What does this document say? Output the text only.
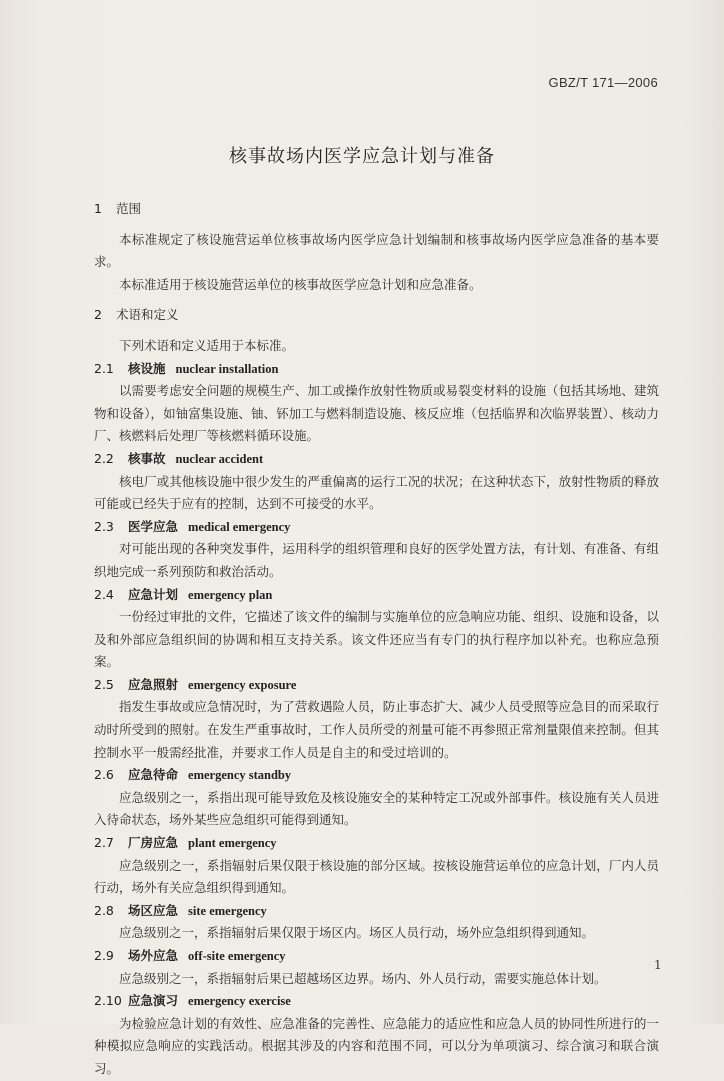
GBZ/T 171—2006
核事故场内医学应急计划与准备

1 范围

本标准规定了核设施营运单位核事故场内医学应急计划编制和核事故场内医学应急准备的基本要求。

本标准适用于核设施营运单位的核事故医学应急计划和应急准备。

2 术语和定义

下列术语和定义适用于本标准。

2.1 核设施 nuclear installation

以需要考虑安全问题的规模生产、加工或操作放射性物质或易裂变材料的设施（包括其场地、建筑物和设备），如铀富集设施、铀、钚加工与燃料制造设施、核反应堆（包括临界和次临界装置）、核动力厂、核燃料后处理厂等核燃料循环设施。

2.2 核事故 nuclear accident

核电厂或其他核设施中很少发生的严重偏离的运行工况的状况；在这种状态下，放射性物质的释放可能或已经失于应有的控制，达到不可接受的水平。

2.3 医学应急 medical emergency

对可能出现的各种突发事件，运用科学的组织管理和良好的医学处置方法，有计划、有准备、有组织地完成一系列预防和救治活动。

2.4 应急计划 emergency plan

一份经过审批的文件，它描述了该文件的编制与实施单位的应急响应功能、组织、设施和设备，以及和外部应急组织间的协调和相互支持关系。该文件还应当有专门的执行程序加以补充。也称应急预案。

2.5 应急照射 emergency exposure

指发生事故或应急情况时，为了营救遇险人员，防止事态扩大、减少人员受照等应急目的而采取行动时所受到的照射。在发生严重事故时，工作人员所受的剂量可能不再参照正常剂量限值来控制。但其控制水平一般需经批准，并要求工作人员是自主的和受过培训的。

2.6 应急待命 emergency standby

应急级别之一，系指出现可能导致危及核设施安全的某种特定工况或外部事件。核设施有关人员进入待命状态，场外某些应急组织可能得到通知。

2.7 厂房应急 plant emergency

应急级别之一，系指辐射后果仅限于核设施的部分区域。按核设施营运单位的应急计划，厂内人员行动，场外有关应急组织得到通知。

2.8 场区应急 site emergency

应急级别之一，系指辐射后果仅限于场区内。场区人员行动，场外应急组织得到通知。

2.9 场外应急 off-site emergency

应急级别之一，系指辐射后果已超越场区边界。场内、外人员行动，需要实施总体计划。

2.10 应急演习 emergency exercise

为检验应急计划的有效性、应急准备的完善性、应急能力的适应性和应急人员的协同性所进行的一种模拟应急响应的实践活动。根据其涉及的内容和范围不同，可以分为单项演习、综合演习和联合演习。

1
